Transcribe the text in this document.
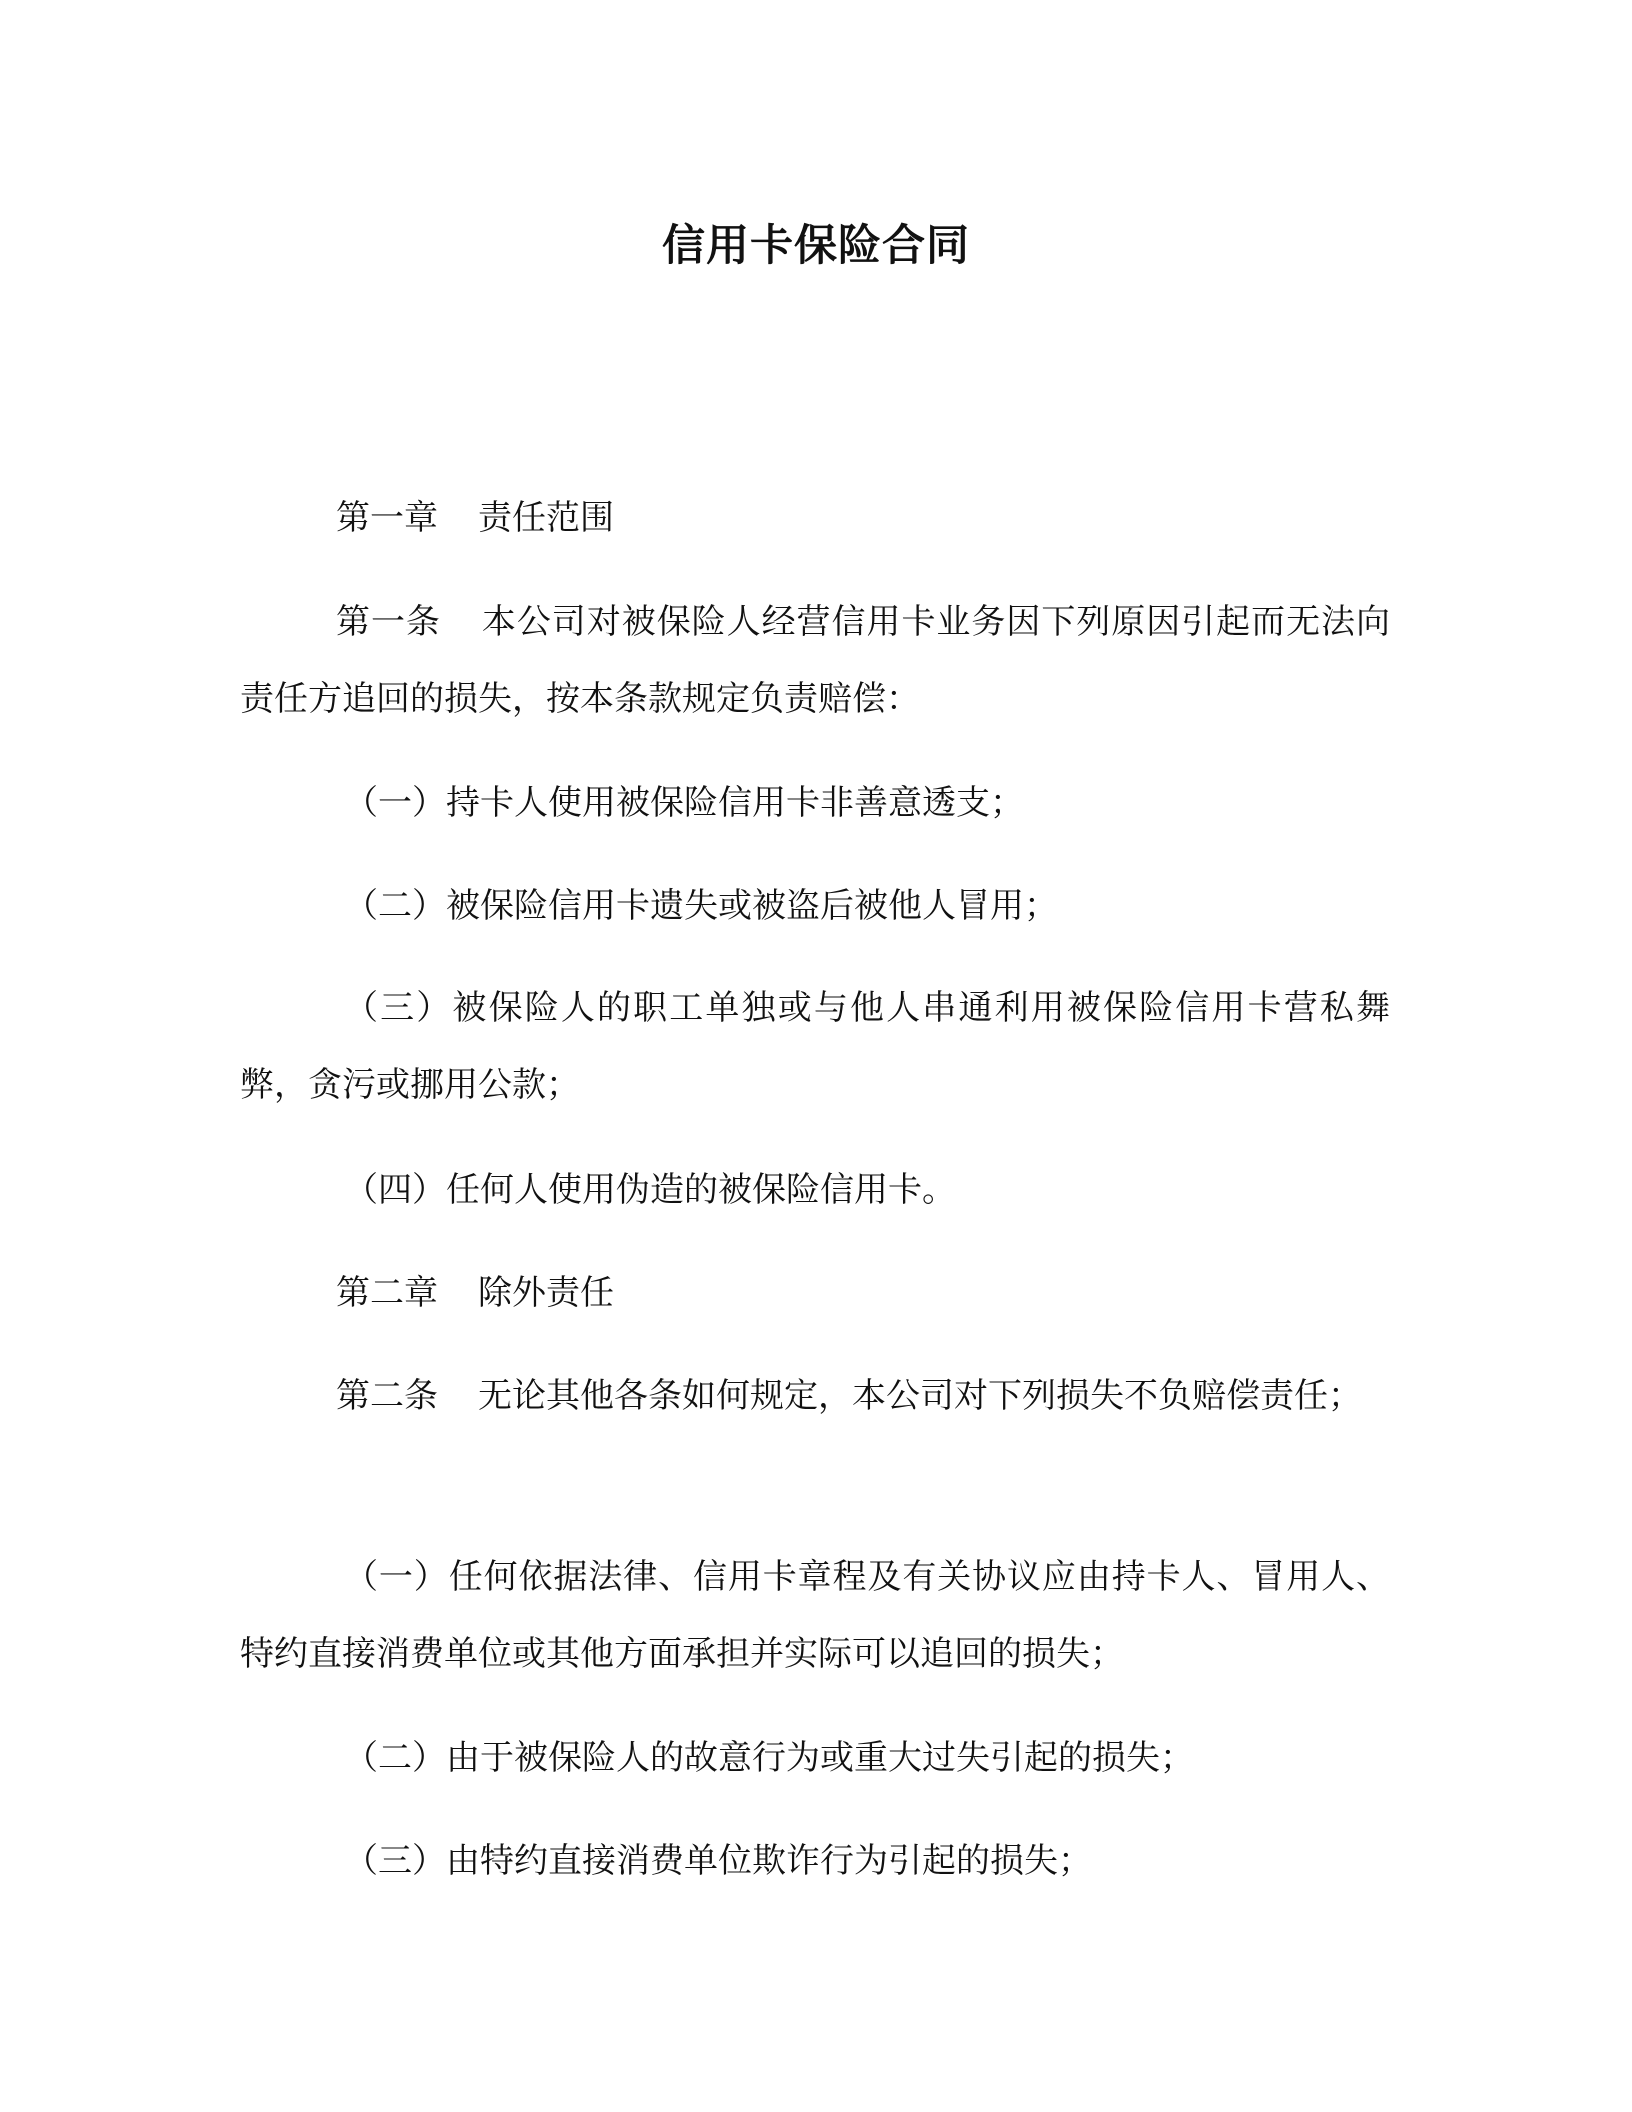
信用卡保险合同

第一章 责任范围

第一条 本公司对被保险人经营信用卡业务因下列原因引起而无法向责任方追回的损失，按本条款规定负责赔偿：

（一）持卡人使用被保险信用卡非善意透支；

（二）被保险信用卡遗失或被盗后被他人冒用；

（三）被保险人的职工单独或与他人串通利用被保险信用卡营私舞弊，贪污或挪用公款；

（四）任何人使用伪造的被保险信用卡。

第二章 除外责任

第二条 无论其他各条如何规定，本公司对下列损失不负赔偿责任；

（一）任何依据法律、信用卡章程及有关协议应由持卡人、冒用人、特约直接消费单位或其他方面承担并实际可以追回的损失；

（二）由于被保险人的故意行为或重大过失引起的损失；

（三）由特约直接消费单位欺诈行为引起的损失；
